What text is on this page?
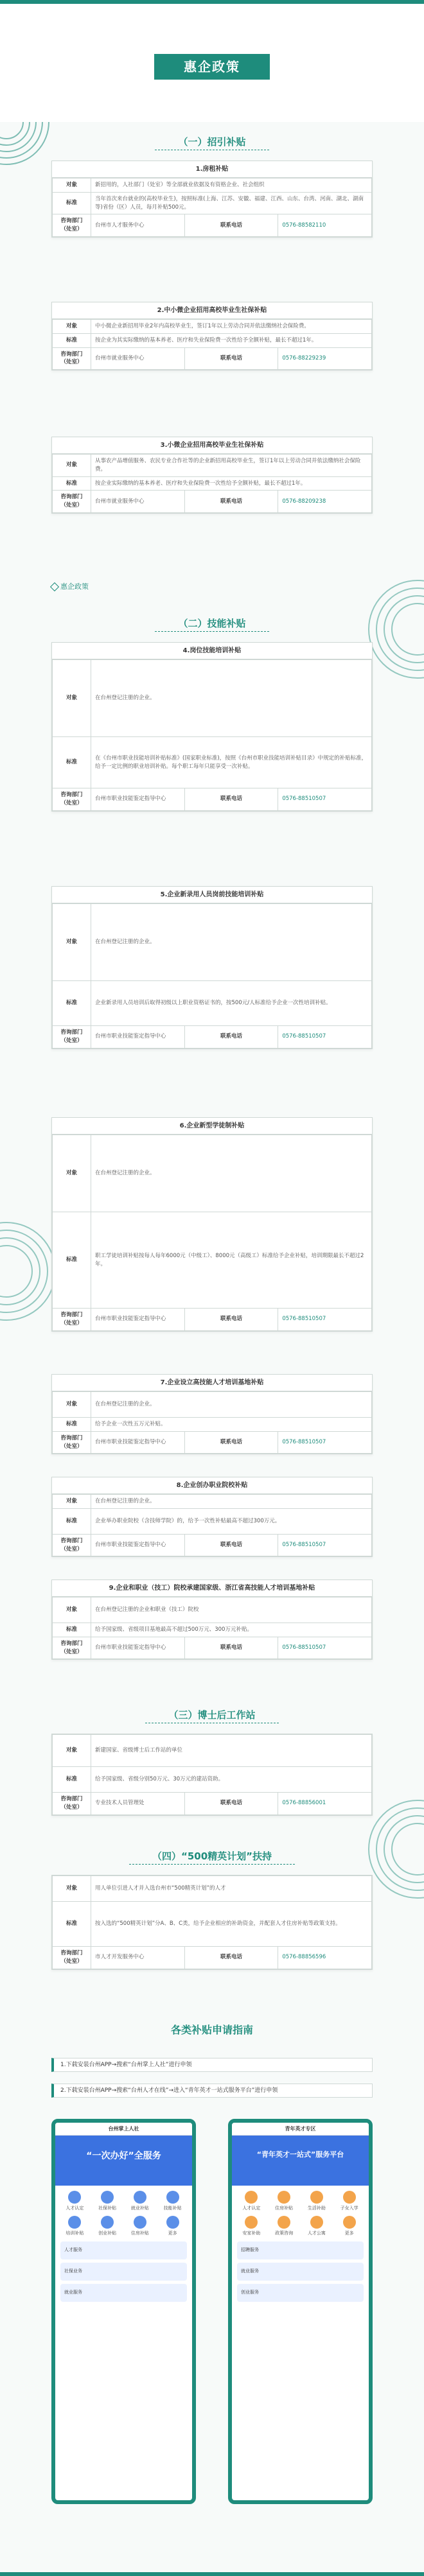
惠企政策
（一）招引补贴
1.房租补贴
对象	新招用的，人社部门（处室）等全部就业依据及有资格企业、社会组织		
标准	当年首次来台就业的(高校毕业生)，按照标准(上海、江苏、安徽、福建、江西、山东、台湾、河南、湖北、湖南等)省份（区）人员，每月补贴500元。		
咨询部门（处室）	台州市人才服务中心	联系电话	0576-88582110
2.中小微企业招用高校毕业生社保补贴
对象	中小微企业新招用毕业2年内高校毕业生，签订1年以上劳动合同并依法缴纳社会保险费。		
标准	按企业为其实际缴纳的基本养老、医疗和失业保险费一次性给予全额补贴，最长不超过1年。		
咨询部门（处室）	台州市就业服务中心	联系电话	0576-88229239
3.小微企业招用高校毕业生社保补贴
对象	从事农产品增值服务、农民专业合作社等的企业新招用高校毕业生，签订1年以上劳动合同并依法缴纳社会保险费。		
标准	按企业实际缴纳的基本养老、医疗和失业保险费一次性给予全额补贴，最长不超过1年。		
咨询部门（处室）	台州市就业服务中心	联系电话	0576-88209238
惠企政策
（二）技能补贴
4.岗位技能培训补贴
对象	在台州登记注册的企业。		
标准	在《台州市职业技能培训补贴标准》(国家职业标准)，按照《台州市职业技能培训补贴目录》中规定的补贴标准，给予一定比例的职业培训补贴。每个职工每年只能享受一次补贴。		
咨询部门（处室）	台州市职业技能鉴定指导中心	联系电话	0576-88510507
5.企业新录用人员岗前技能培训补贴
对象	在台州登记注册的企业。		
标准	企业新录用人员培训后取得初级以上职业资格证书的，按500元/人标准给予企业一次性培训补贴。		
咨询部门（处室）	台州市职业技能鉴定指导中心	联系电话	0576-88510507
6.企业新型学徒制补贴
对象	在台州登记注册的企业。		
标准	职工学徒培训补贴按每人每年6000元（中级工）、8000元（高级工）标准给予企业补贴，培训期限最长不超过2年。		
咨询部门（处室）	台州市职业技能鉴定指导中心	联系电话	0576-88510507
7.企业设立高技能人才培训基地补贴
对象	在台州登记注册的企业。		
标准	给予企业一次性五万元补贴。		
咨询部门（处室）	台州市职业技能鉴定指导中心	联系电话	0576-88510507
8.企业创办职业院校补贴
对象	在台州登记注册的企业。		
标准	企业举办职业院校（含技师学院）的，给予一次性补贴最高不超过300万元。		
咨询部门（处室）	台州市职业技能鉴定指导中心	联系电话	0576-88510507
9.企业和职业（技工）院校承建国家级、浙江省高技能人才培训基地补贴
对象	在台州登记注册的企业和职业（技工）院校		
标准	给予国家级、省级项目基地最高不超过500万元、300万元补贴。		
咨询部门（处室）	台州市职业技能鉴定指导中心	联系电话	0576-88510507
（三）博士后工作站
对象	新建国家、省级博士后工作站的单位		
标准	给予国家级、省级分别50万元、30万元的建站资助。		
咨询部门（处室）	专业技术人员管理处	联系电话	0576-88856001
（四）“500精英计划”扶持
对象	用人单位引进人才并入选台州市“500精英计划”的人才		
标准	按入选的“500精英计划”分A、B、C类，给予企业相应的补助资金，并配套人才住房补贴等政策支持。		
咨询部门（处室）	市人才开发服务中心	联系电话	0576-88856596
各类补贴申请指南
1.下载安装台州APP→搜索“台州掌上人社”进行申领
2.下载安装台州APP→搜索“台州人才在线”→进入“青年英才一站式服务平台”进行申领
台州掌上人社
“一次办好”全服务
人才认定	社保补贴	就业补贴	技能补贴
培训补贴	创业补贴	住房补贴	更多
人才服务
社保业务
就业服务
青年英才专区
“青年英才一站式”服务平台
人才认定	住房补贴	生活补助	子女入学
安家补助	政策咨询	人才公寓	更多
招聘服务
就业服务
创业服务
